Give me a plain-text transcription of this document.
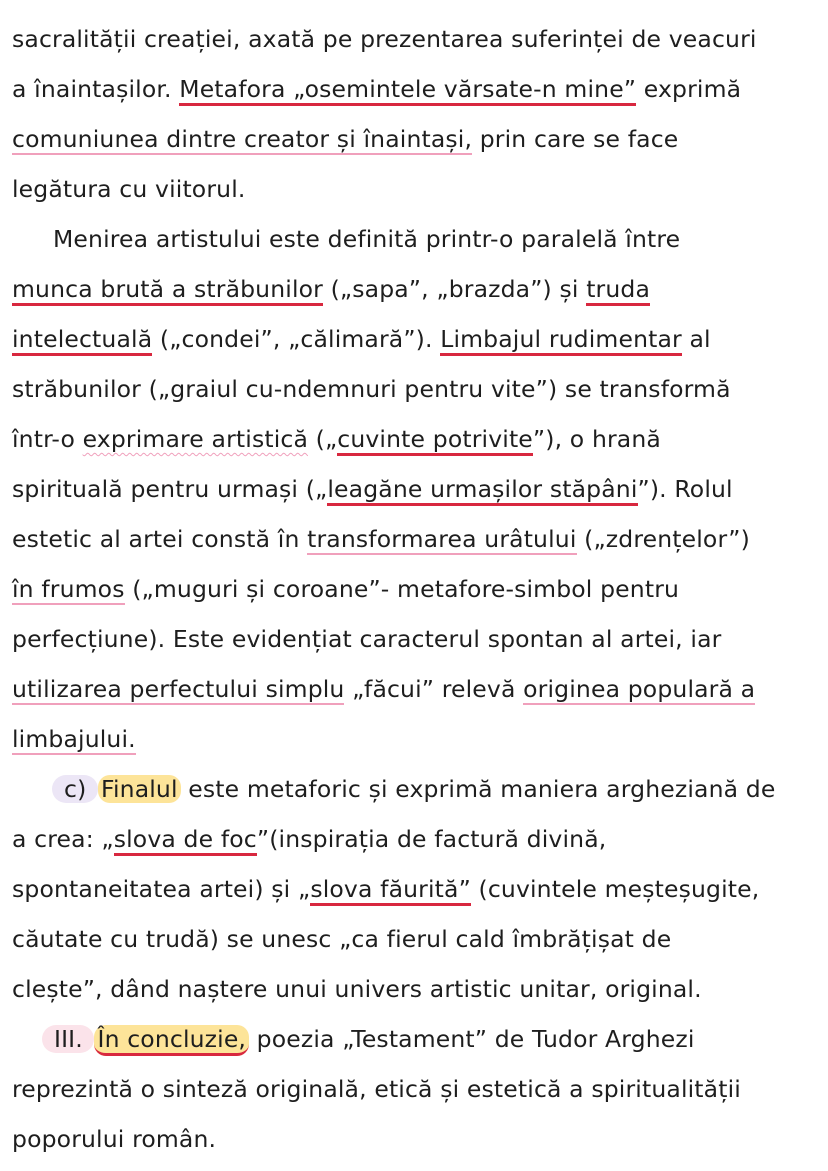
sacralității creației, axată pe prezentarea suferinței de veacuri
a înaintașilor. Metafora „osemintele vărsate-n mine” exprimă
comuniunea dintre creator și înaintași, prin care se face
legătura cu viitorul.
Menirea artistului este definită printr-o paralelă între
munca brută a străbunilor („sapa”, „brazda”) și truda
intelectuală („condei”, „călimară”). Limbajul rudimentar al
străbunilor („graiul cu-ndemnuri pentru vite”) se transformă
într-o exprimare artistică („cuvinte potrivite”), o hrană
spirituală pentru urmași („leagăne urmașilor stăpâni”). Rolul
estetic al artei constă în transformarea urâtului („zdrențelor”)
în frumos („muguri și coroane”- metafore-simbol pentru
perfecțiune). Este evidențiat caracterul spontan al artei, iar
utilizarea perfectului simplu „făcui” relevă originea populară a
limbajului.
c) Finalul este metaforic și exprimă maniera argheziană de
a crea: „slova de foc”(inspirația de factură divină,
spontaneitatea artei) și „slova făurită” (cuvintele meșteșugite,
căutate cu trudă) se unesc „ca fierul cald îmbrățișat de
clește”, dând naștere unui univers artistic unitar, original.
III. În concluzie, poezia „Testament” de Tudor Arghezi
reprezintă o sinteză originală, etică și estetică a spiritualității
poporului român.
